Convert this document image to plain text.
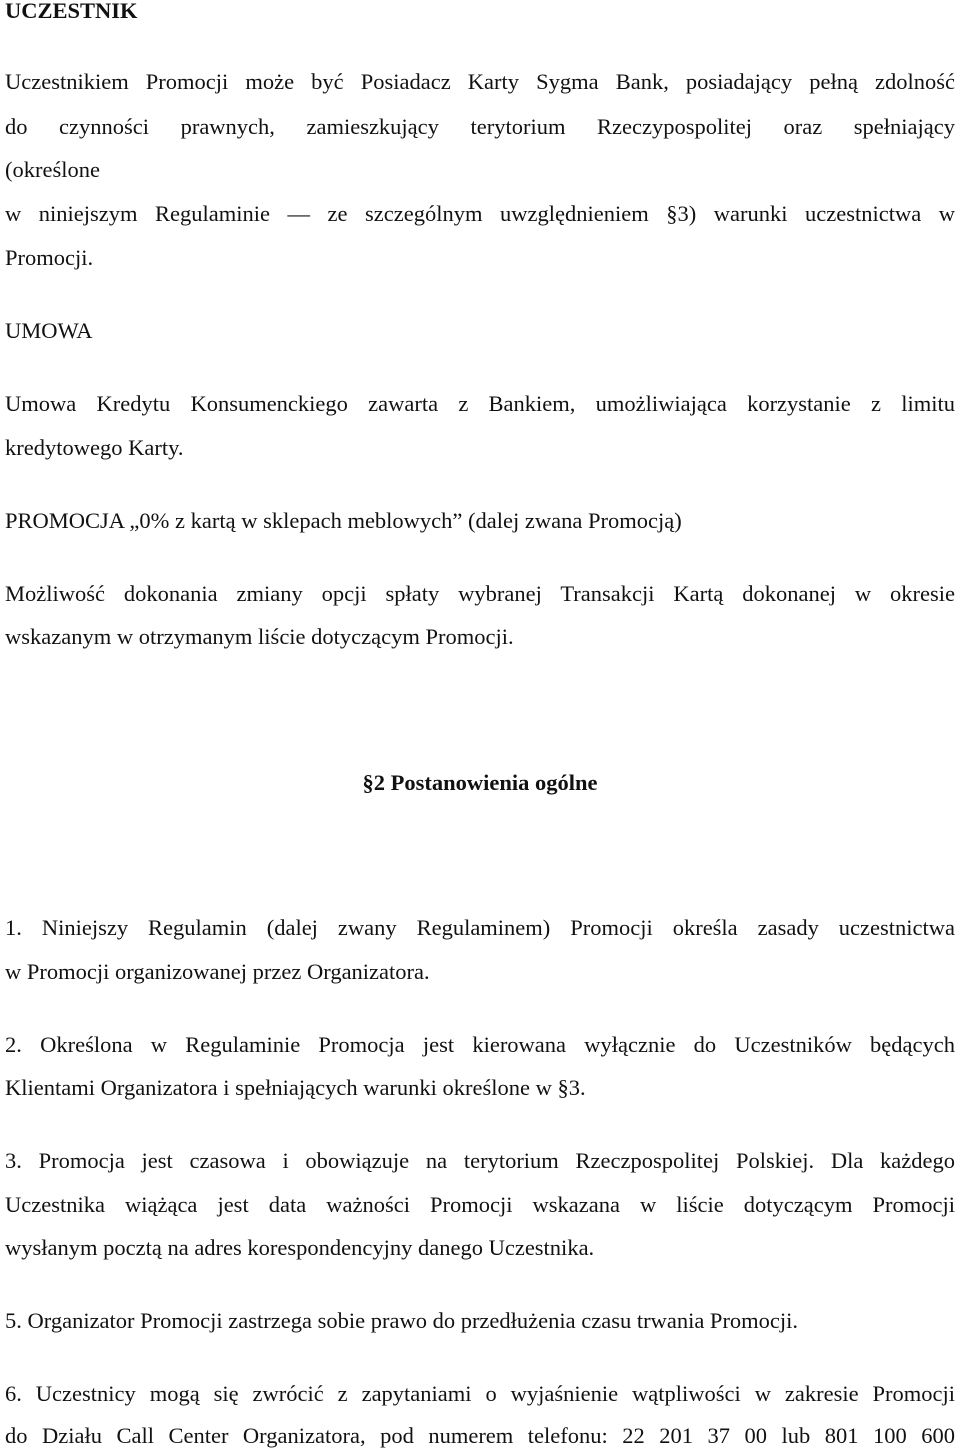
UCZESTNIK
Uczestnikiem Promocji może być Posiadacz Karty Sygma Bank, posiadający pełną zdolność
do czynności prawnych, zamieszkujący terytorium Rzeczypospolitej oraz spełniający
(określone
w niniejszym Regulaminie ― ze szczególnym uwzględnieniem §3) warunki uczestnictwa w
Promocji.
UMOWA
Umowa Kredytu Konsumenckiego zawarta z Bankiem, umożliwiająca korzystanie z limitu
kredytowego Karty.
PROMOCJA „0% z kartą w sklepach meblowych” (dalej zwana Promocją)
Możliwość dokonania zmiany opcji spłaty wybranej Transakcji Kartą dokonanej w okresie
wskazanym w otrzymanym liście dotyczącym Promocji.
§2 Postanowienia ogólne
1. Niniejszy Regulamin (dalej zwany Regulaminem) Promocji określa zasady uczestnictwa
w Promocji organizowanej przez Organizatora.
2. Określona w Regulaminie Promocja jest kierowana wyłącznie do Uczestników będących
Klientami Organizatora i spełniających warunki określone w §3.
3. Promocja jest czasowa i obowiązuje na terytorium Rzeczpospolitej Polskiej. Dla każdego
Uczestnika wiążąca jest data ważności Promocji wskazana w liście dotyczącym Promocji
wysłanym pocztą na adres korespondencyjny danego Uczestnika.
5. Organizator Promocji zastrzega sobie prawo do przedłużenia czasu trwania Promocji.
6. Uczestnicy mogą się zwrócić z zapytaniami o wyjaśnienie wątpliwości w zakresie Promocji
do Działu Call Center Organizatora, pod numerem telefonu: 22 201 37 00 lub 801 100 600
